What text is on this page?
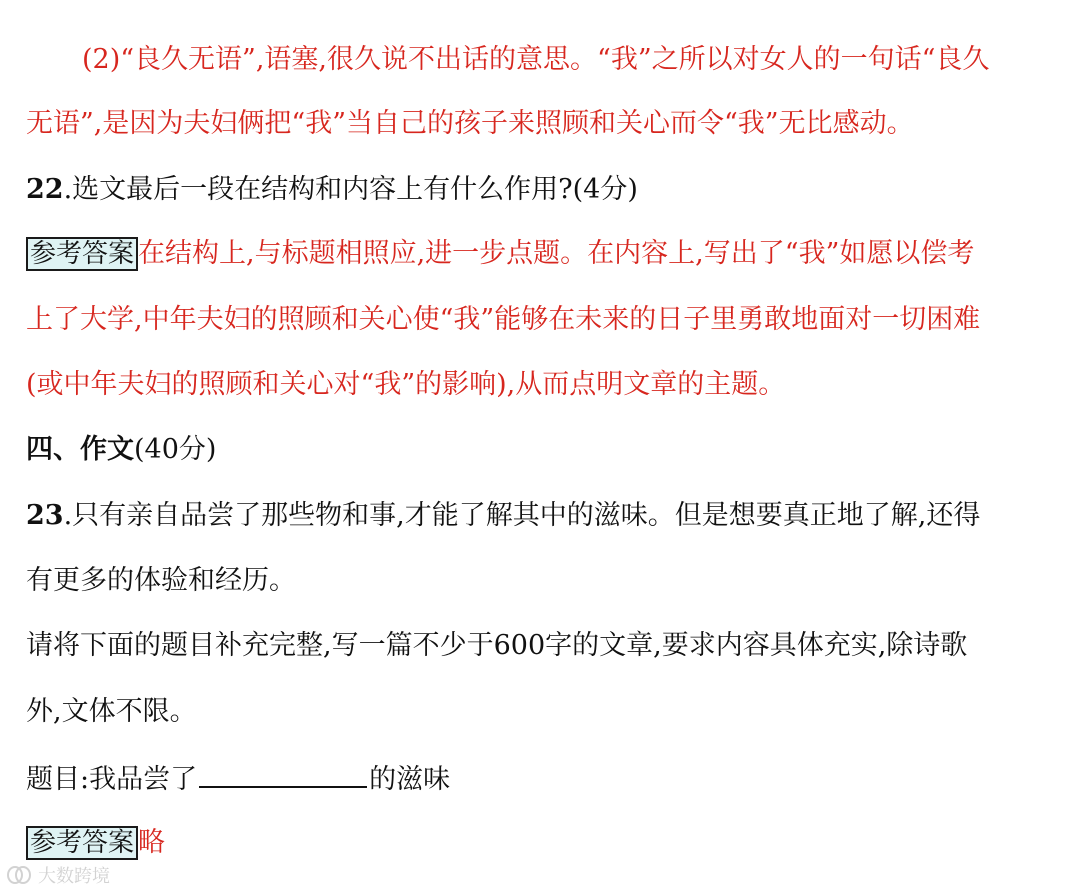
(2)“良久无语”,语塞,很久说不出话的意思。“我”之所以对女人的一句话“良久
无语”,是因为夫妇俩把“我”当自己的孩子来照顾和关心而令“我”无比感动。
22.选文最后一段在结构和内容上有什么作用?(4分)
参考答案 在结构上,与标题相照应,进一步点题。在内容上,写出了“我”如愿以偿考
上了大学,中年夫妇的照顾和关心使“我”能够在未来的日子里勇敢地面对一切困难
(或中年夫妇的照顾和关心对“我”的影响),从而点明文章的主题。
四、作文(40分)
23.只有亲自品尝了那些物和事,才能了解其中的滋味。但是想要真正地了解,还得
有更多的体验和经历。
请将下面的题目补充完整,写一篇不少于600字的文章,要求内容具体充实,除诗歌
外,文体不限。
题目:我品尝了	的滋味
参考答案 略
大数跨境
